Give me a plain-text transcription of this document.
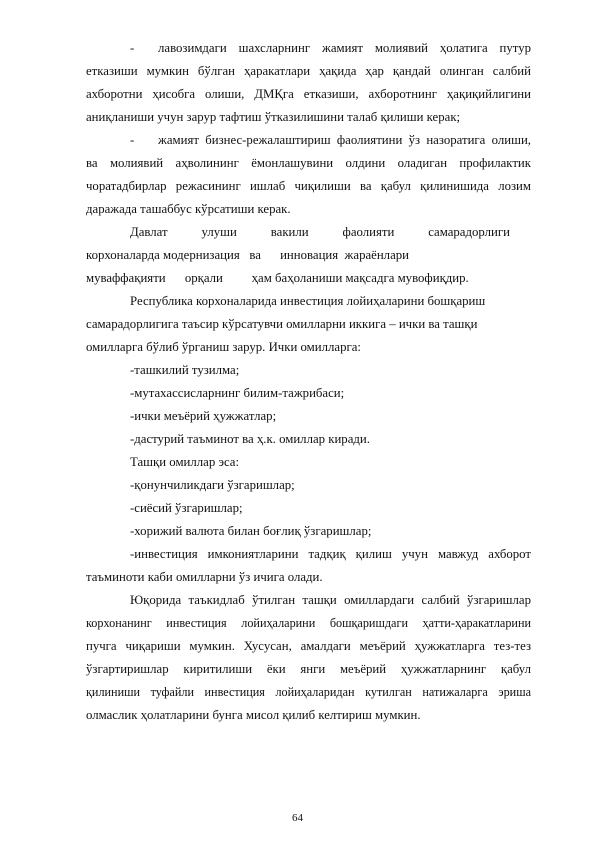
- лавозимдаги шахсларнинг жамият молиявий ҳолатига путур
етказиши мумкин бўлган ҳаракатлари ҳақида ҳар қандай олинган салбий
ахборотни ҳисобга олиши, ДМҚга етказиши, ахборотнинг ҳақиқийлигини
аниқланиши учун зарур тафтиш ўтказилишини талаб қилиши керак;
- жамият бизнес-режалаштириш фаолиятини ўз назоратига олиши,
ва молиявий аҳволининг ёмонлашувини олдини оладиган профилактик
чоратадбирлар режасининг ишлаб чиқилиши ва қабул қилинишида лозим
даражада ташаббус кўрсатиши керак.
Давлат	улуши	вакили	фаолияти	самарадорлиги
корхоналарда модернизация   ва      инновация  жараёнлари
муваффақияти      орқали         ҳам баҳоланиши мақсадга мувофиқдир.
Республика корхоналарида инвестиция лойиҳаларини бошқариш
самарадорлигига таъсир кўрсатувчи омилларни иккига – ички ва ташқи
омилларга бўлиб ўрганиш зарур. Ички омилларга:
-ташкилий тузилма;
-мутахассисларнинг билим-тажрибаси;
-ички меъёрий ҳужжатлар;
-дастурий таъминот ва ҳ.к. омиллар киради.
Ташқи омиллар эса:
-қонунчиликдаги ўзгаришлар;
-сиёсий ўзгаришлар;
-хорижий валюта билан боғлиқ ўзгаришлар;
-инвестиция имкониятларини тадқиқ қилиш учун мавжуд ахборот
таъминоти каби омилларни ўз ичига олади.
Юқорида таъкидлаб ўтилган ташқи омиллардаги салбий ўзгаришлар
корхонанинг инвестиция лойиҳаларини бошқаришдаги ҳатти-ҳаракатларини
пучга чиқариши мумкин. Хусусан, амалдаги меъёрий ҳужжатларга тез-тез
ўзгартиришлар киритилиши ёки янги меъёрий ҳужжатларнинг қабул
қилиниши туфайли инвестиция лойиҳаларидан кутилган натижаларга эриша
олмаслик ҳолатларини бунга мисол қилиб келтириш мумкин.
64
